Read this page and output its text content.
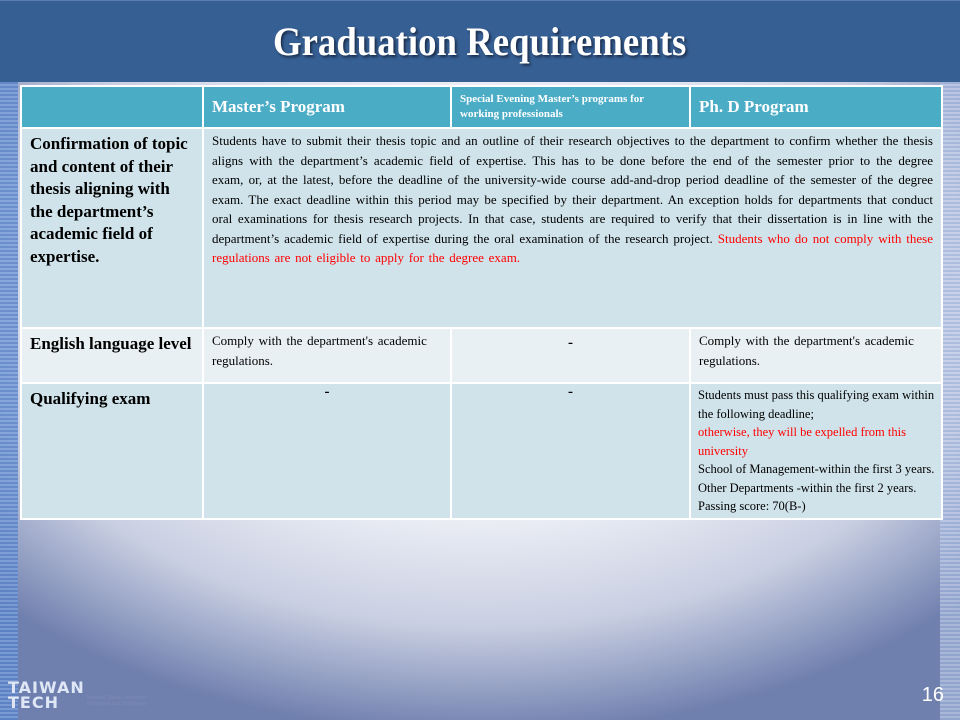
Graduation Requirements
	Master’s Program	Special Evening Master’s programs for working professionals	Ph. D Program
Confirmation of topic and content of their thesis aligning with the department’s academic field of expertise.	Students have to submit their thesis topic and an outline of their research objectives to the department to confirm whether the thesis aligns with the department’s academic field of expertise. This has to be done before the end of the semester prior to the degree exam, or, at the latest, before the deadline of the university-wide course add-and-drop period deadline of the semester of the degree exam. The exact deadline within this period may be specified by their department. An exception holds for departments that conduct oral examinations for thesis research projects. In that case, students are required to verify that their dissertation is in line with the department’s academic field of expertise during the oral examination of the research project. Students who do not comply with these regulations are not eligible to apply for the degree exam.		
English language level	Comply with the department's academic regulations.	-	Comply with the department's academic regulations.
Qualifying exam	-	-	Students must pass this qualifying exam within the following deadline;
otherwise, they will be expelled from this university
School of Management-within the first 3 years. Other Departments -within the first 2 years. Passing score: 70(B-)
TAIWAN
TECH	National Taiwan University of Science and Technology	16
